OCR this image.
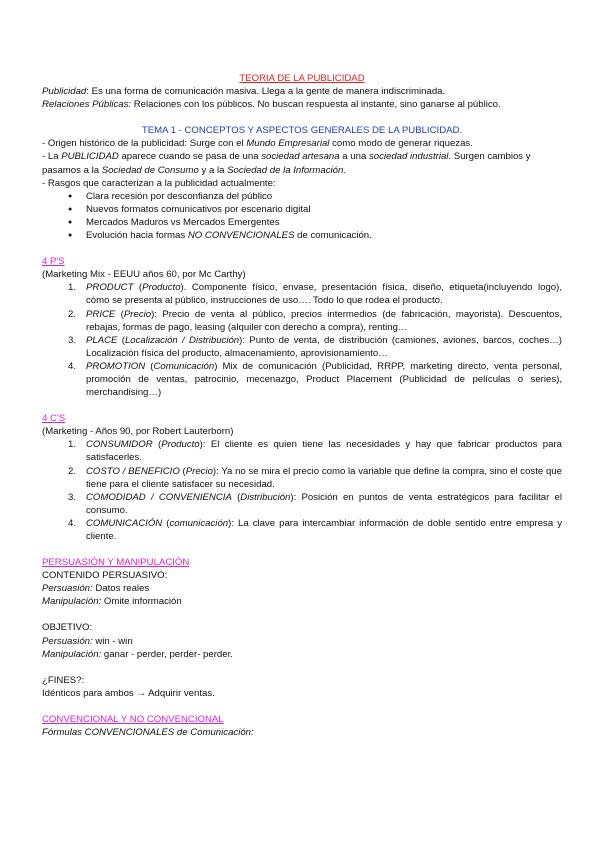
TEORIA DE LA PUBLICIDAD

Publicidad: Es una forma de comunicación masiva. Llega a la gente de manera indiscriminada.

Relaciones Públicas: Relaciones con los públicos. No buscan respuesta al instante, sino ganarse al público.

TEMA 1 - CONCEPTOS Y ASPECTOS GENERALES DE LA PUBLICIDAD.

- Origen histórico de la publicidad: Surge con el Mundo Empresarial como modo de generar riquezas.

- La PUBLICIDAD aparece cuando se pasa de una sociedad artesana a una sociedad industrial. Surgen cambios y pasamos a la Sociedad de Consumo y a la Sociedad de la Información.

- Rasgos que caracterizan a la publicidad actualmente:

● Clara recesión por desconfianza del público
● Nuevos formatos comunicativos por escenario digital
● Mercados Maduros vs Mercados Emergentes
● Evolución hacia formas NO CONVENCIONALES de comunicación.

4 P'S

(Marketing Mix - EEUU años 60, por Mc Carthy)

1. PRODUCT (Producto). Componente físico, envase, presentación física, diseño, etiqueta(incluyendo logo), cómo se presenta al público, instrucciones de uso…. Todo lo que rodea el producto.
2. PRICE (Precio): Precio de venta al público, precios intermedios (de fabricación, mayorista). Descuentos, rebajas, formas de pago, leasing (alquiler con derecho a compra), renting…
3. PLACE (Localización / Distribución): Punto de venta, de distribución (camiones, aviones, barcos, coches…) Localización física del producto, almacenamiento, aprovisionamiento…
4. PROMOTION (Comunicación) Mix de comunicación (Publicidad, RRPP, marketing directo, venta personal, promoción de ventas, patrocinio, mecenazgo, Product Placement (Publicidad de películas o series), merchandising…)

4 C'S

(Marketing - Años 90, por Robert Lauterborn)

1. CONSUMIDOR (Producto): El cliente es quien tiene las necesidades y hay que fabricar productos para satisfacerles.
2. COSTO / BENEFICIO (Precio): Ya no se mira el precio como la variable que define la compra, sino el coste que tiene para el cliente satisfacer su necesidad.
3. COMODIDAD / CONVENIENCIA (Distribución): Posición en puntos de venta estratégicos para facilitar el consumo.
4. COMUNICACIÓN (comunicación): La clave para intercambiar información de doble sentido entre empresa y cliente.

PERSUASIÓN Y MANIPULACIÓN

CONTENIDO PERSUASIVO:

Persuasión: Datos reales

Manipulación: Omite información

OBJETIVO:

Persuasión: win - win

Manipulación: ganar - perder, perder- perder.

¿FINES?:

Idénticos para ambos → Adquirir ventas.

CONVENCIONAL Y NO CONVENCIONAL

Fórmulas CONVENCIONALES de Comunicación:
